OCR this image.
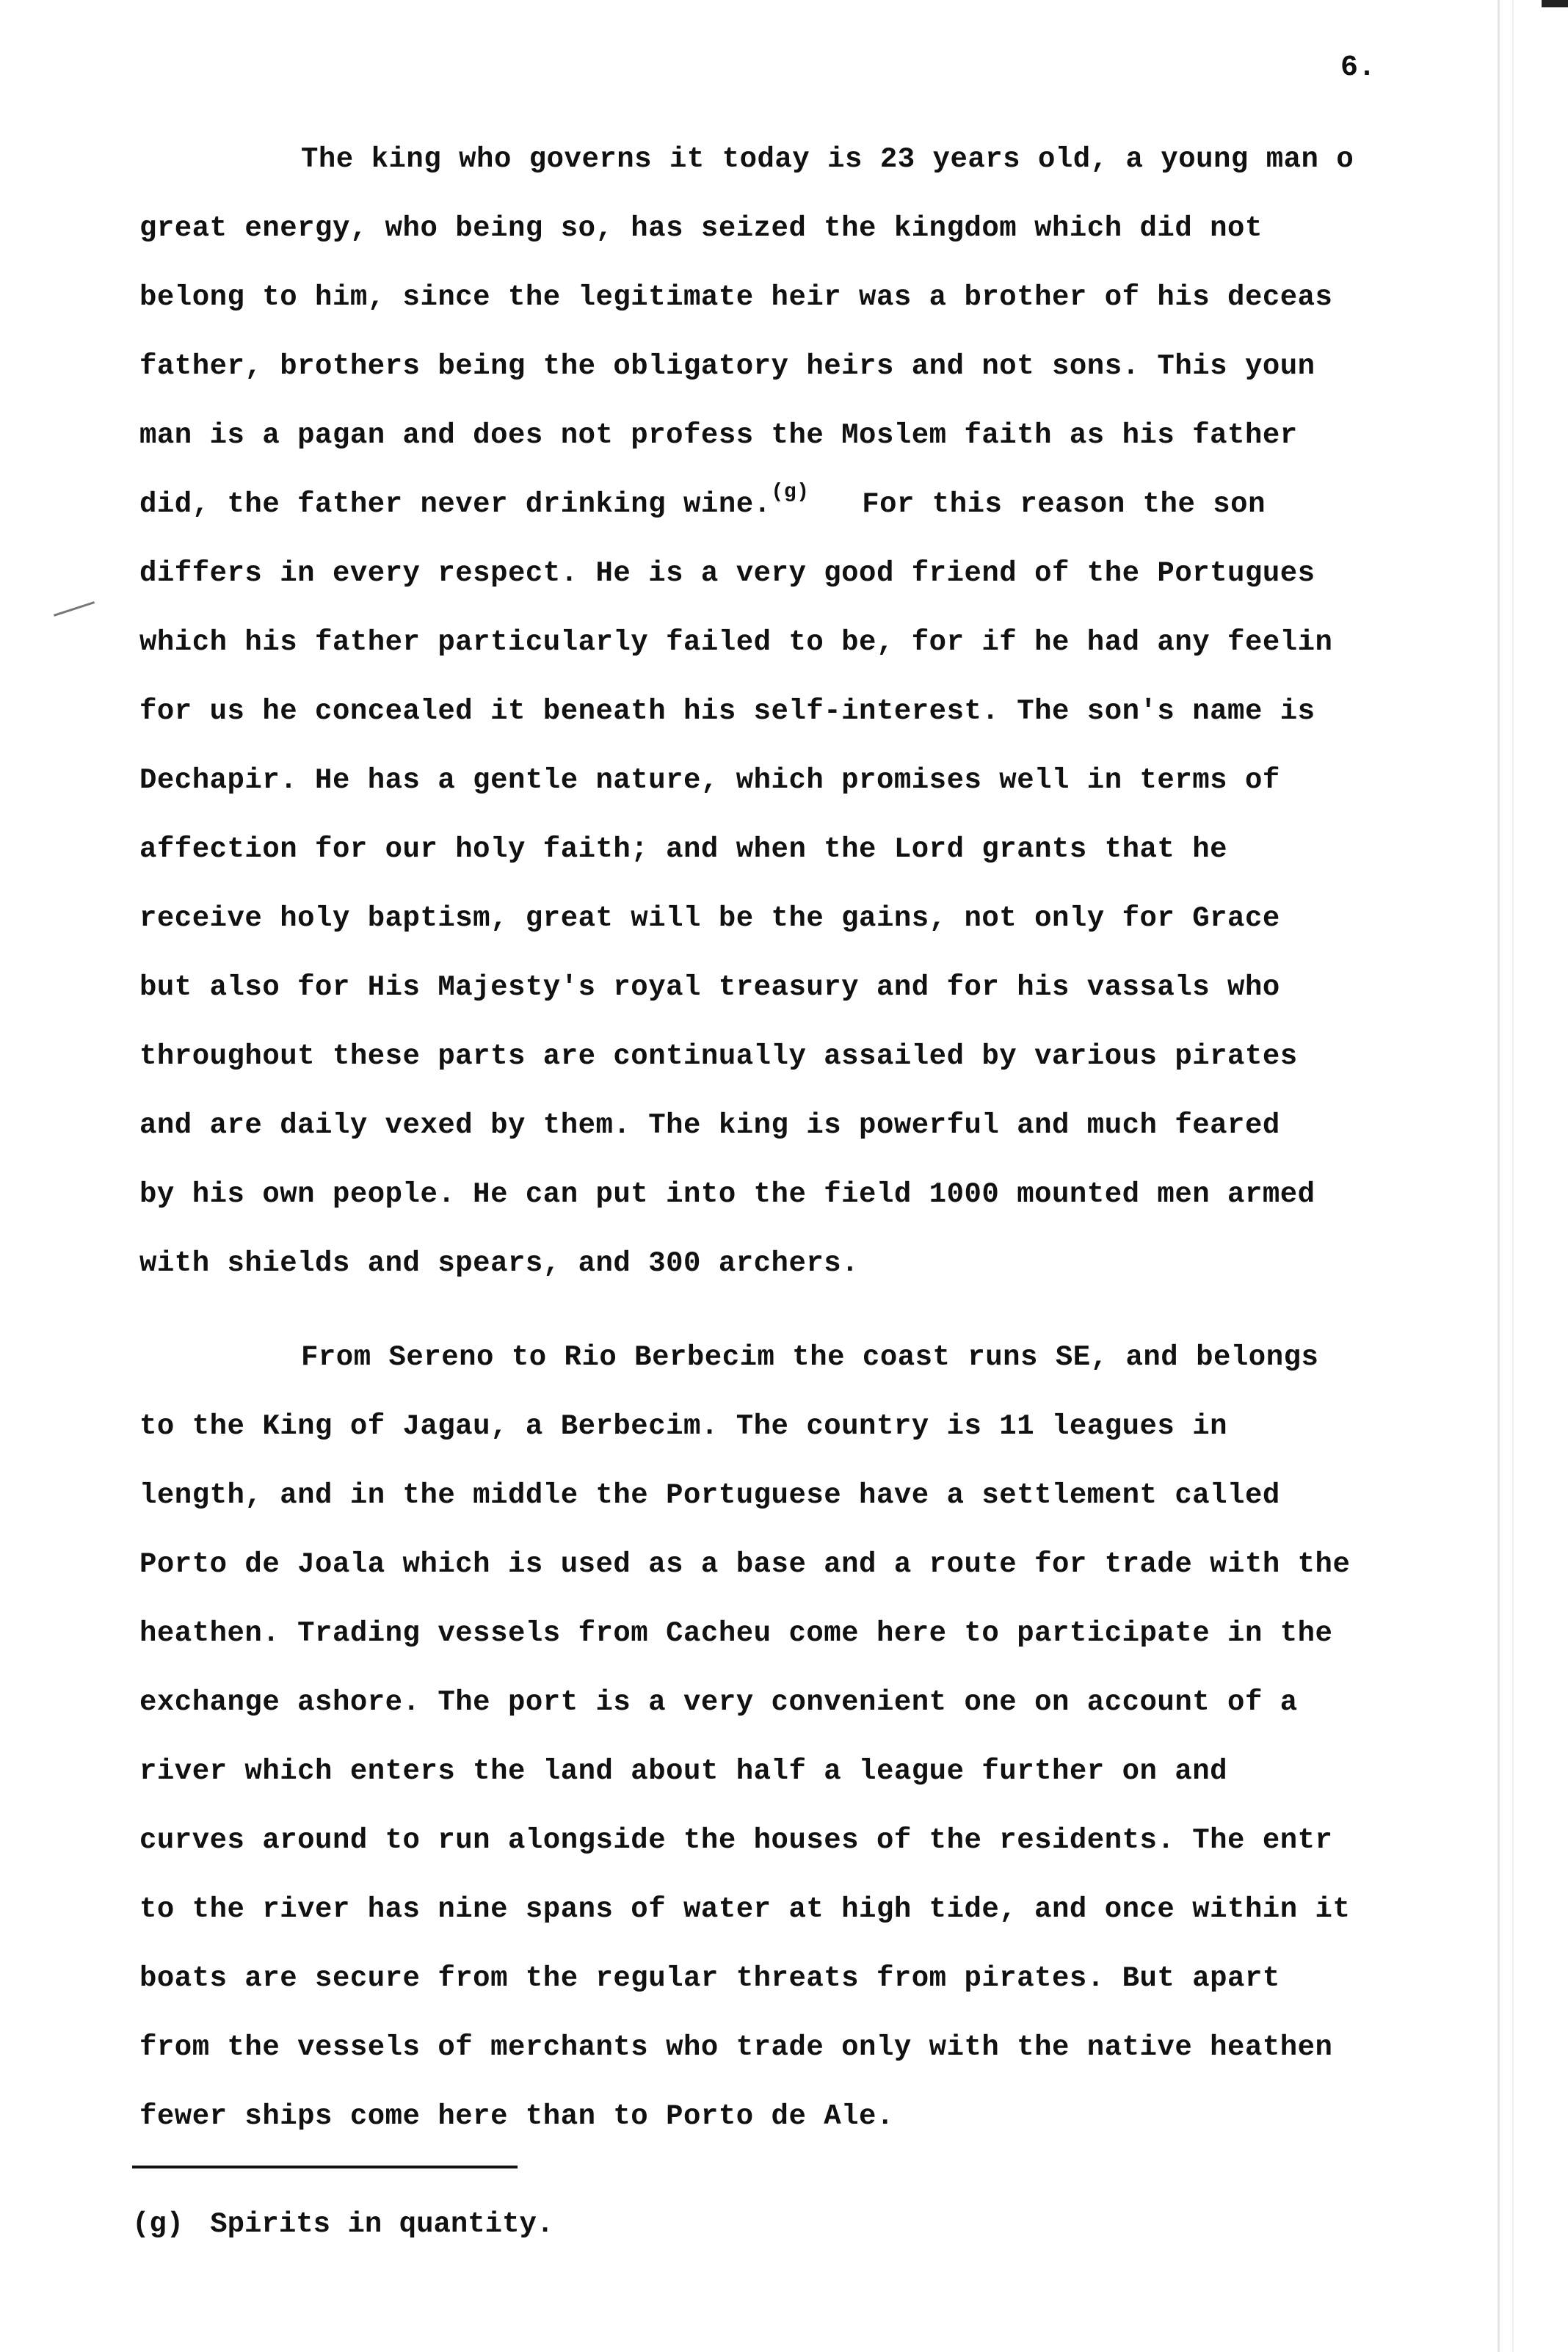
6.
The king who governs it today is 23 years old, a young man o
great energy, who being so, has seized the kingdom which did not
belong to him, since the legitimate heir was a brother of his deceas
father, brothers being the obligatory heirs and not sons. This youn
man is a pagan and does not profess the Moslem faith as his father
did, the father never drinking wine.$^{(g)}$ For this reason the son
differs in every respect. He is a very good friend of the Portugues
which his father particularly failed to be, for if he had any feelin
for us he concealed it beneath his self-interest. The son's name is
Dechapir. He has a gentle nature, which promises well in terms of
affection for our holy faith; and when the Lord grants that he
receive holy baptism, great will be the gains, not only for Grace
but also for His Majesty's royal treasury and for his vassals who
throughout these parts are continually assailed by various pirates
and are daily vexed by them. The king is powerful and much feared
by his own people. He can put into the field 1000 mounted men armed
with shields and spears, and 300 archers.
From Sereno to Rio Berbecim the coast runs SE, and belongs
to the King of Jagau, a Berbecim. The country is 11 leagues in
length, and in the middle the Portuguese have a settlement called
Porto de Joala which is used as a base and a route for trade with the
heathen. Trading vessels from Cacheu come here to participate in the
exchange ashore. The port is a very convenient one on account of a
river which enters the land about half a league further on and
curves around to run alongside the houses of the residents. The entr
to the river has nine spans of water at high tide, and once within it
boats are secure from the regular threats from pirates. But apart
from the vessels of merchants who trade only with the native heathen
fewer ships come here than to Porto de Ale.
(g) Spirits in quantity.
